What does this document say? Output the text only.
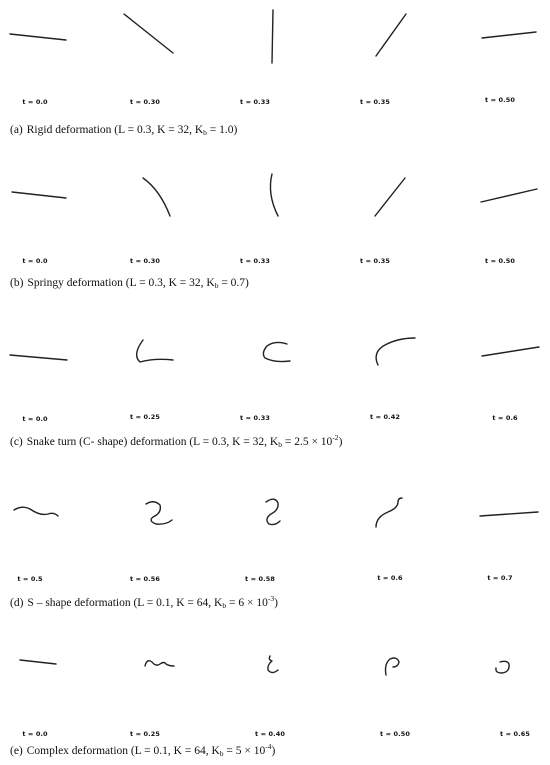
t = 0.0	t = 0.30	t = 0.33	t = 0.35	t = 0.50
(a) Rigid deformation (L = 0.3, K = 32, $K_b = 1.0$)
t = 0.0	t = 0.30	t = 0.33	t = 0.35	t = 0.50
(b) Springy deformation (L = 0.3, K = 32, $K_b = 0.7$)
t = 0.0	t = 0.25	t = 0.33	t = 0.42	t = 0.6
(c) Snake turn (C- shape) deformation (L = 0.3, K = 32, $K_b = 2.5 \times 10^{-2}$)
t = 0.5	t = 0.56	t = 0.58	t = 0.6	t = 0.7
(d) S – shape deformation (L = 0.1, K = 64, $K_b = 6 \times 10^{-3}$)
t = 0.0	t = 0.25	t = 0.40	t = 0.50	t = 0.65
(e) Complex deformation (L = 0.1, K = 64, $K_b = 5 \times 10^{-4}$)
